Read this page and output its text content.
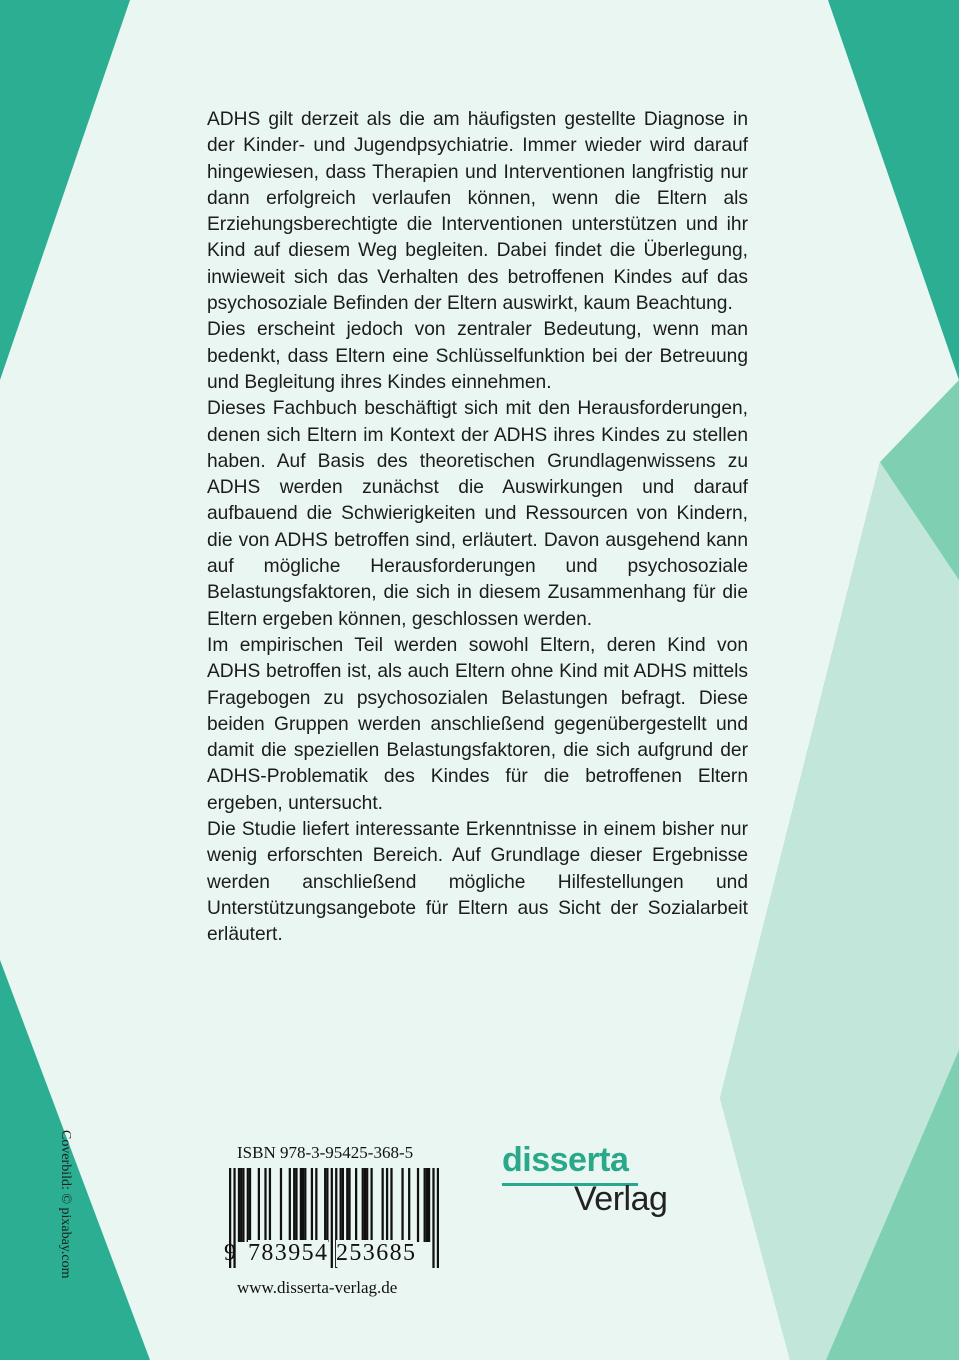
ADHS gilt derzeit als die am häufigsten gestellte Diagnose in der Kinder- und Jugendpsychiatrie. Immer wieder wird darauf hingewiesen, dass Therapien und Interventionen langfristig nur dann erfolgreich verlaufen können, wenn die Eltern als Erziehungsberechtigte die Interventionen unterstützen und ihr Kind auf diesem Weg begleiten. Dabei findet die Überlegung, inwieweit sich das Verhalten des betroffenen Kindes auf das psychosoziale Befinden der Eltern auswirkt, kaum Beachtung.

Dies erscheint jedoch von zentraler Bedeutung, wenn man bedenkt, dass Eltern eine Schlüsselfunktion bei der Betreuung und Begleitung ihres Kindes einnehmen.

Dieses Fachbuch beschäftigt sich mit den Herausforderungen, denen sich Eltern im Kontext der ADHS ihres Kindes zu stellen haben. Auf Basis des theoretischen Grundlagenwissens zu ADHS werden zunächst die Auswirkungen und darauf aufbauend die Schwierigkeiten und Ressourcen von Kindern, die von ADHS betroffen sind, erläutert. Davon ausgehend kann auf mögliche Herausforderungen und psychosoziale Belastungsfaktoren, die sich in diesem Zusammenhang für die Eltern ergeben können, geschlossen werden.

Im empirischen Teil werden sowohl Eltern, deren Kind von ADHS betroffen ist, als auch Eltern ohne Kind mit ADHS mittels Fragebogen zu psychosozialen Belastungen befragt. Diese beiden Gruppen werden anschließend gegenübergestellt und damit die speziellen Belastungsfaktoren, die sich aufgrund der ADHS-Problematik des Kindes für die betroffenen Eltern ergeben, untersucht.

Die Studie liefert interessante Erkenntnisse in einem bisher nur wenig erforschten Bereich. Auf Grundlage dieser Ergebnisse werden anschließend mögliche Hilfestellungen und Unterstützungsangebote für Eltern aus Sicht der Sozialarbeit erläutert.

Coverbild: © pixabay.com	ISBN 978-3-95425-368-5
9 783954 253685
www.disserta-verlag.de
disserta
Verlag
